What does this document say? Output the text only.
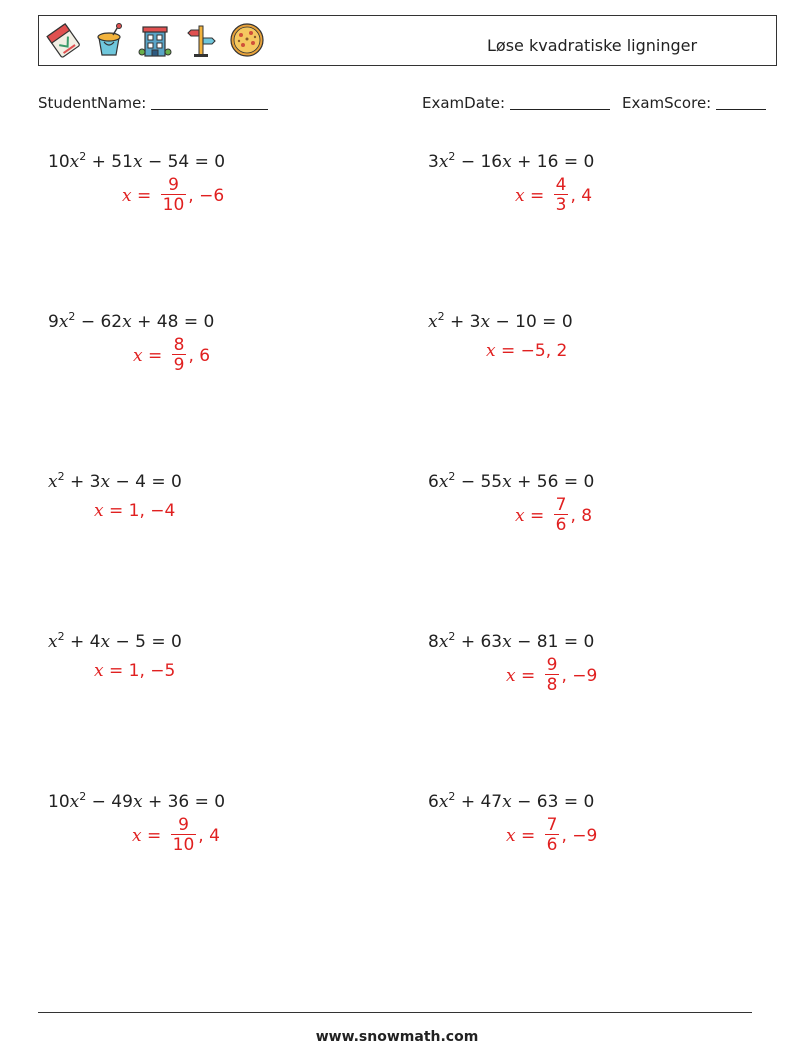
Løse kvadratiske ligninger
StudentName:	ExamDate:	ExamScore:
$10x^2 + 51x - 54 = 0$
$x = \frac{9}{10}$ , −6
$3x^2 - 16x + 16 = 0$
$x = \frac{4}{3}$ , 4
$9x^2 - 62x + 48 = 0$
$x = \frac{8}{9}$ , 6
$x^2 + 3x - 10 = 0$
x = −5, 2
$x^2 + 3x - 4 = 0$
x = 1, −4
$6x^2 - 55x + 56 = 0$
$x = \frac{7}{6}$ , 8
$x^2 + 4x - 5 = 0$
x = 1, −5
$8x^2 + 63x - 81 = 0$
$x = \frac{9}{8}$ , −9
$10x^2 - 49x + 36 = 0$
$x = \frac{9}{10}$ , 4
$6x^2 + 47x - 63 = 0$
$x = \frac{7}{6}$ , −9
www.snowmath.com
